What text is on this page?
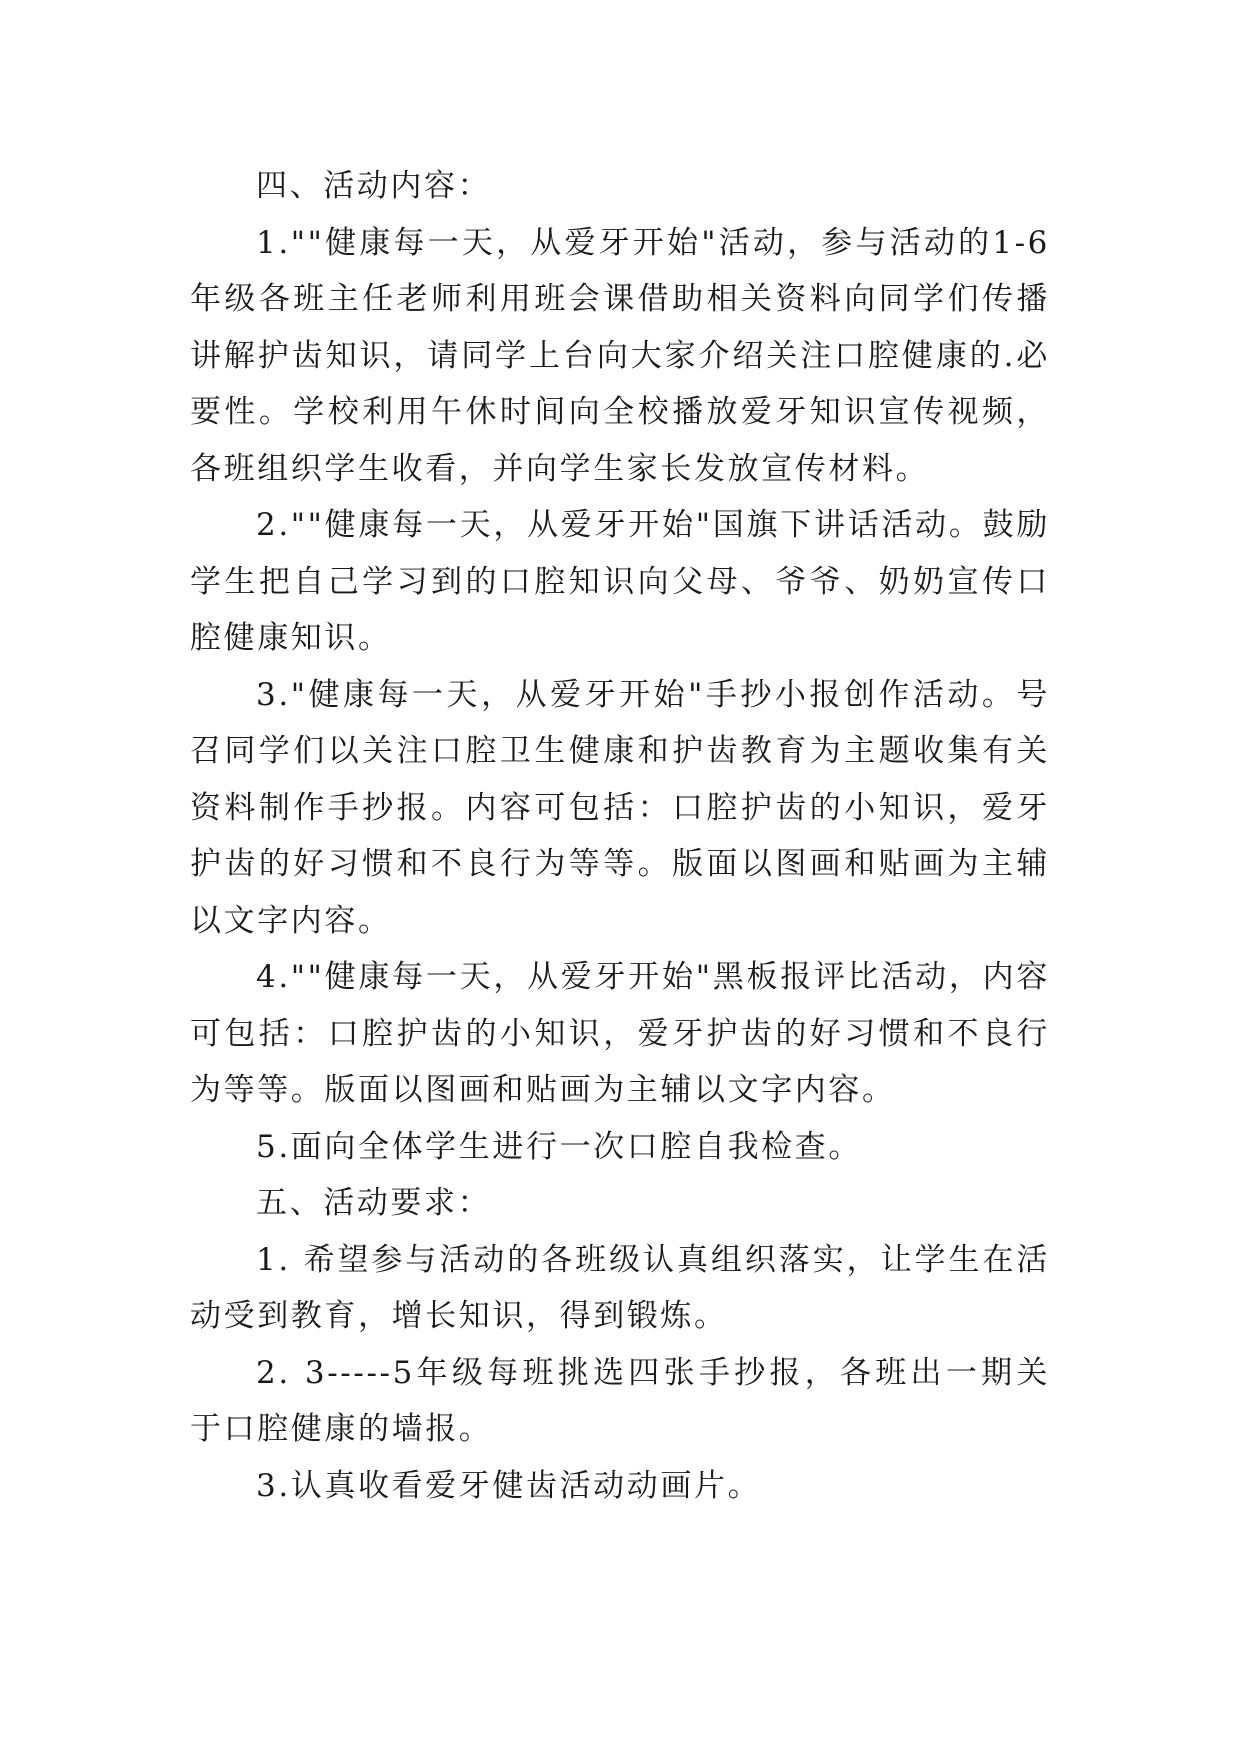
四、活动内容：

1.""健康每一天，从爱牙开始"活动，参与活动的1-6年级各班主任老师利用班会课借助相关资料向同学们传播讲解护齿知识，请同学上台向大家介绍关注口腔健康的.必要性。学校利用午休时间向全校播放爱牙知识宣传视频，各班组织学生收看，并向学生家长发放宣传材料。

2.""健康每一天，从爱牙开始"国旗下讲话活动。鼓励学生把自己学习到的口腔知识向父母、爷爷、奶奶宣传口腔健康知识。

3."健康每一天，从爱牙开始"手抄小报创作活动。号召同学们以关注口腔卫生健康和护齿教育为主题收集有关资料制作手抄报。内容可包括：口腔护齿的小知识，爱牙护齿的好习惯和不良行为等等。版面以图画和贴画为主辅以文字内容。

4.""健康每一天，从爱牙开始"黑板报评比活动，内容可包括：口腔护齿的小知识，爱牙护齿的好习惯和不良行为等等。版面以图画和贴画为主辅以文字内容。

5.面向全体学生进行一次口腔自我检查。

五、活动要求：

1. 希望参与活动的各班级认真组织落实，让学生在活动受到教育，增长知识，得到锻炼。

2. 3-----5年级每班挑选四张手抄报，各班出一期关于口腔健康的墙报。

3.认真收看爱牙健齿活动动画片。
